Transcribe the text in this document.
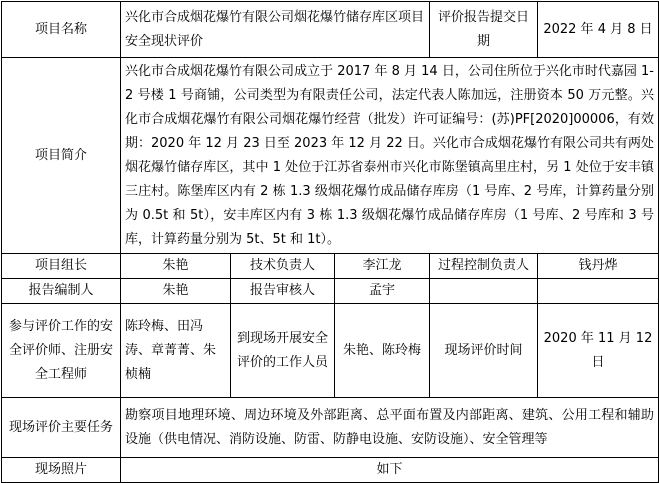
项目名称	兴化市合成烟花爆竹有限公司烟花爆竹储存库区项目安全现状评价			评价报告提交日期	2022 年 4 月 8 日
项目简介	兴化市合成烟花爆竹有限公司成立于 2017 年 8 月 14 日，公司住所位于兴化市时代嘉园 1-2 号楼 1 号商铺，公司类型为有限责任公司，法定代表人陈加远，注册资本 50 万元整。兴化市合成烟花爆竹有限公司烟花爆竹经营（批发）许可证编号：(苏)PF[2020]00006，有效期：2020 年 12 月 23 日至 2023 年 12 月 22 日。兴化市合成烟花爆竹有限公司共有两处烟花爆竹储存库区，其中 1 处位于江苏省泰州市兴化市陈堡镇高里庄村，另 1 处位于安丰镇三庄村。陈堡库区内有 2 栋 1.3 级烟花爆竹成品储存库房（1 号库、2 号库，计算药量分别为 0.5t 和 5t），安丰库区内有 3 栋 1.3 级烟花爆竹成品储存库房（1 号库、2 号库和 3 号库，计算药量分别为 5t、5t 和 1t）。				
项目组长	朱艳	技术负责人	李江龙	过程控制负责人	钱丹烨
报告编制人	朱艳	报告审核人	孟宇		
参与评价工作的安全评价师、注册安全工程师	陈玲梅、田冯涛、章菁菁、朱桢楠	到现场开展安全评价的工作人员	朱艳、陈玲梅	现场评价时间	2020 年 11 月 12 日
现场评价主要任务	勘察项目地理环境、周边环境及外部距离、总平面布置及内部距离、建筑、公用工程和辅助设施（供电情况、消防设施、防雷、防静电设施、安防设施）、安全管理等				
现场照片	如下				
